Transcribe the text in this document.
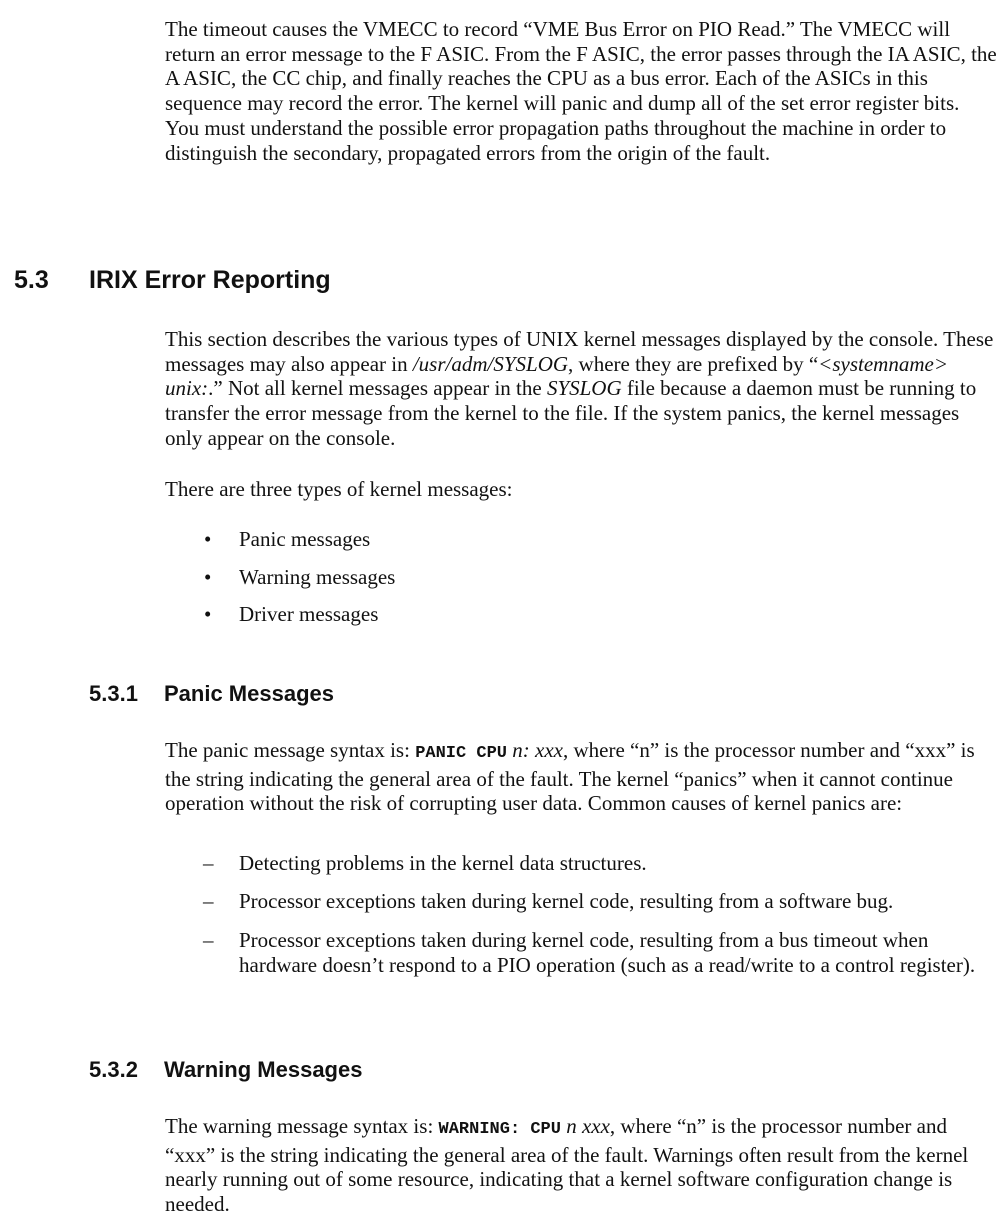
The timeout causes the VMECC to record “VME Bus Error on PIO Read.” The VMECC will return an error message to the F ASIC. From the F ASIC, the error passes through the IA ASIC, the A ASIC, the CC chip, and finally reaches the CPU as a bus error. Each of the ASICs in this sequence may record the error. The kernel will panic and dump all of the set error register bits. You must understand the possible error propagation paths throughout the machine in order to distinguish the secondary, propagated errors from the origin of the fault.

5.3 IRIX Error Reporting

This section describes the various types of UNIX kernel messages displayed by the console. These messages may also appear in /usr/adm/SYSLOG, where they are prefixed by “<systemname> unix:.” Not all kernel messages appear in the SYSLOG file because a daemon must be running to transfer the error message from the kernel to the file. If the system panics, the kernel messages only appear on the console.

There are three types of kernel messages:

• Panic messages
• Warning messages
• Driver messages
5.3.1 Panic Messages

The panic message syntax is: PANIC CPU n: xxx, where “n” is the processor number and “xxx” is the string indicating the general area of the fault. The kernel “panics” when it cannot continue operation without the risk of corrupting user data. Common causes of kernel panics are:

– Detecting problems in the kernel data structures.
– Processor exceptions taken during kernel code, resulting from a software bug.
– Processor exceptions taken during kernel code, resulting from a bus timeout when hardware doesn’t respond to a PIO operation (such as a read/write to a control register).
5.3.2 Warning Messages

The warning message syntax is: WARNING: CPU n xxx, where “n” is the processor number and “xxx” is the string indicating the general area of the fault. Warnings often result from the kernel nearly running out of some resource, indicating that a kernel software configuration change is needed.
